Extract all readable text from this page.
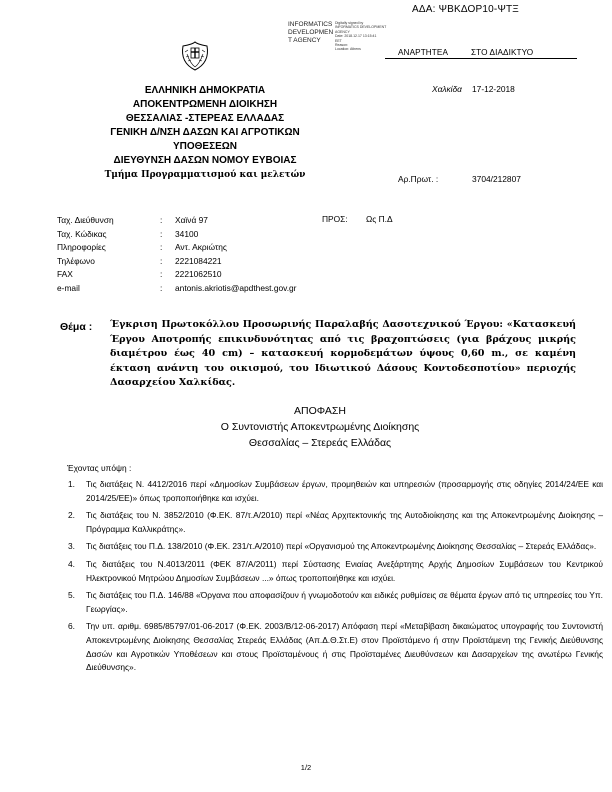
ΑΔΑ: ΨΒΚΔΟΡ10-ΨΤΞ
INFORMATICS
DEVELOPMEN
T AGENCY
Digitally signed by
INFORMATICS DEVELOPMENT
AGENCY
Date: 2018.12.17 13:15:41
EET
Reason:
Location: Athens	ΑΝΑΡΤΗΤΕΑ	ΣΤΟ ΔΙΑΔΙΚΤΥΟ
ΕΛΛΗΝΙΚΗ ΔΗΜΟΚΡΑΤΙΑ
ΑΠΟΚΕΝΤΡΩΜΕΝΗ ΔΙΟΙΚΗΣΗ
ΘΕΣΣΑΛΙΑΣ -ΣΤΕΡΕΑΣ ΕΛΛΑΔΑΣ
ΓΕΝΙΚΗ Δ/ΝΣΗ ΔΑΣΩΝ ΚΑΙ ΑΓΡΟΤΙΚΩΝ
ΥΠΟΘΕΣΕΩΝ
ΔΙΕΥΘΥΝΣΗ ΔΑΣΩΝ ΝΟΜΟΥ ΕΥΒΟΙΑΣ
Τμήμα Προγραμματισμού και μελετών
Χαλκίδα 17-12-2018
Αρ.Πρωτ. :	3704/212807
Ταχ. Διεύθυνση	:	Χαϊνά 97
Ταχ. Κώδικας	:	34100
Πληροφορίες	:	Αντ. Ακριώτης
Τηλέφωνο	:	2221084221
FAX	:	2221062510
e-mail	:	antonis.akriotis@apdthest.gov.gr
ΠΡΟΣ: Ως Π.Δ
Θέμα : Έγκριση Πρωτοκόλλου Προσωρινής Παραλαβής Δασοτεχνικού Έργου: «Κατασκευή Έργου Αποτροπής επικινδυνότητας από τις βραχοπτώσεις (για βράχους μικρής διαμέτρου έως 40 cm) – κατασκευή κορμοδεμάτων ύψους 0,60 m., σε καμένη έκταση ανάντη του οικισμού, του Ιδιωτικού Δάσους Κοντοδεσποτίου» περιοχής Δασαρχείου Χαλκίδας.
ΑΠΟΦΑΣΗ
Ο Συντονιστής Αποκεντρωμένης Διοίκησης
Θεσσαλίας – Στερεάς Ελλάδας
Έχοντας υπόψη :
1. Τις διατάξεις Ν. 4412/2016 περί «Δημοσίων Συμβάσεων έργων, προμηθειών και υπηρεσιών (προσαρμογής στις οδηγίες 2014/24/ΕΕ και 2014/25/ΕΕ)» όπως τροποποιήθηκε και ισχύει.
2. Τις διατάξεις του Ν. 3852/2010 (Φ.ΕΚ. 87/τ.Α/2010) περί «Νέας Αρχιτεκτονικής της Αυτοδιοίκησης και της Αποκεντρωμένης Διοίκησης – Πρόγραμμα Καλλικράτης».
3. Τις διατάξεις του Π.Δ. 138/2010 (Φ.ΕΚ. 231/τ.Α/2010) περί «Οργανισμού της Αποκεντρωμένης Διοίκησης Θεσσαλίας – Στερεάς Ελλάδας».
4. Τις διατάξεις του Ν.4013/2011 (ΦΕΚ 87/Α/2011) περί Σύστασης Ενιαίας Ανεξάρτητης Αρχής Δημοσίων Συμβάσεων του Κεντρικού Ηλεκτρονικού Μητρώου Δημοσίων Συμβάσεων ...» όπως τροποποιήθηκε και ισχύει.
5. Τις διατάξεις του Π.Δ. 146/88 «Όργανα που αποφασίζουν ή γνωμοδοτούν και ειδικές ρυθμίσεις σε θέματα έργων από τις υπηρεσίες του Υπ. Γεωργίας».
6. Την υπ. αριθμ. 6985/85797/01-06-2017 (Φ.ΕΚ. 2003/Β/12-06-2017) Απόφαση περί «Μεταβίβαση δικαιώματος υπογραφής του Συντονιστή Αποκεντρωμένης Διοίκησης Θεσσαλίας Στερεάς Ελλάδας (Απ.Δ.Θ.Στ.Ε) στον Προϊστάμενο ή στην Προϊστάμενη της Γενικής Διεύθυνσης Δασών και Αγροτικών Υποθέσεων και στους Προϊσταμένους ή στις Προϊσταμένες Διευθύνσεων και Δασαρχείων της ανωτέρω Γενικής Διεύθυνσης».
1/2
